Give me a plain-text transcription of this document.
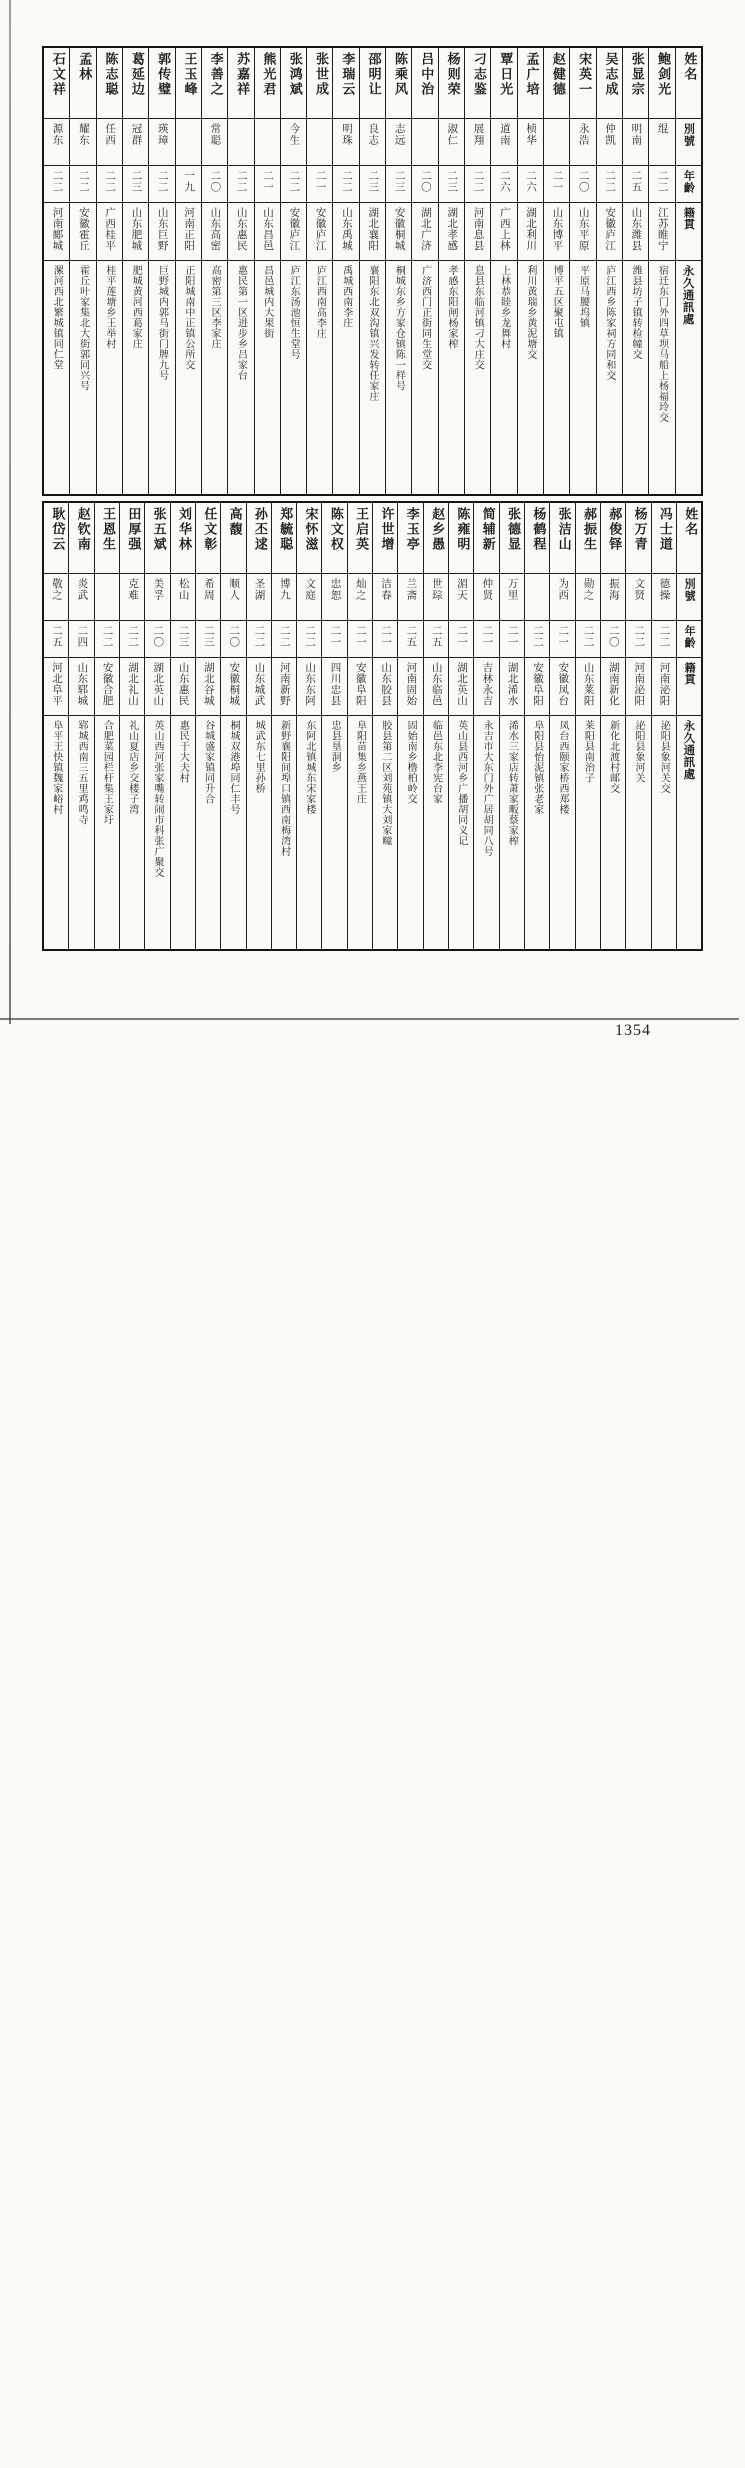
石文祥
源东
二二
河南郾城
漯河西北繁城镇同仁堂
孟林
耀东
二二
安徽霍丘
霍丘叶家集北大街郭同兴号
陈志聪
任西
二二
广西桂平
桂平莲塘乡王举村
葛延边
冠群
二三
山东肥城
肥城黄河西葛家庄
郭传璧
瑛璋
二二
山东巨野
巨野城内郭马街门牌九号
王玉峰
一九
河南正阳
正阳城南中正镇公所交
李善之
常聪
二〇
山东高密
高密第三区李家庄
苏嘉祥
二二
山东惠民
惠民第一区进步乡吕家台
熊光君
二一
山东昌邑
昌邑城内大果街
张鸿斌
今生
二二
安徽庐江
庐江东汤池恒生堂号
张世成
二一
安徽庐江
庐江西南高李庄
李瑞云
明珠
二二
山东禹城
禹城西南李庄
邵明让
良志
二三
湖北襄阳
襄阳东北双沟镇兴发转任家庄
陈乘风
志远
二三
安徽桐城
桐城东乡方家仓镇陈一样号
吕中治
二〇
湖北广济
广济西门正街同生堂交
杨则荣
淑仁
二三
湖北孝感
孝感东阳闸杨家榨
刁志鉴
展翔
二二
河南息县
息县东临河镇刁大庄交
覃日光
道南
二六
广西上林
上林恭睦乡龙舞村
孟广培
桢华
二六
湖北利川
利川黄瑞乡黄泥塘交
赵健德
二一
山东博平
博平五区聚屯镇
宋英一
永浩
二〇
山东平原
平原马腰坞镇
吴志成
仲凯
二二
安徽庐江
庐江西乡陈家祠方同和交
张显宗
明南
二五
山东潍县
潍县坊子镇转检幢交
鲍剑光
绲
二二
江苏睢宁
宿迁东门外四草坝马船上杨福玲交
姓名
別號
年齡
籍貫
永久通訊處
耿岱云
敬之
二五
河北阜平
阜平王快镇魏家峪村
赵钦南
炎武
二四
山东郓城
郓城西南三五里鸡鸣寺
王恩生
二二
安徽合肥
合肥菜园栏杆集王家圩
田厚强
克难
二二
湖北礼山
礼山夏店乡交楼子湾
张五斌
美孚
二〇
湖北英山
英山西河张家嘴转闹市科张广聚交
刘华林
松山
二三
山东惠民
惠民于大夫村
任文彰
希周
二三
湖北谷城
谷城盛家镇同升合
高馥
顺人
二〇
安徽桐城
桐城双港埠同仁丰号
孙丕逑
圣湖
二二
山东城武
城武东七里孙桥
郑毓聪
博九
二二
河南新野
新野襄阳间埠口镇西南梅湾村
宋怀滋
文庭
二二
山东东阿
东阿北镇城东宋家楼
陈文权
忠恕
二一
四川忠县
忠县垦洞乡
王启英
灿之
二一
安徽阜阳
阜阳苗集乡燕王庄
许世增
洁春
二一
山东胶县
胶县第二区刘苑镇大刘家疃
李玉亭
兰斋
二五
河南固始
固始南乡橹柏岭交
赵乡愚
世琮
二五
山东临邑
临邑东北李宪台家
陈雍明
湄天
二一
湖北英山
英山县西河乡广播胡同义记
简辅新
仲贤
二一
吉林永吉
永吉市大东门外广居胡同八号
张德显
万里
二一
湖北浠水
浠水三家店转萧家畈蔡家榨
杨鹤程
二二
安徽阜阳
阜阳县怡泥镇张老家
张洁山
为西
二一
安徽凤台
凤台西颐家桥西郑楼
郝振生
勋之
二二
山东莱阳
莱阳县南治子
郝俊铎
振海
二〇
湖南新化
新化北渡村邮交
杨万青
文贤
二二
河南泌阳
泌阳县象河关
冯士道
德操
二二
河南泌阳
泌阳县象河关交
姓名
別號
年齡
籍貫
永久通訊處
1354
